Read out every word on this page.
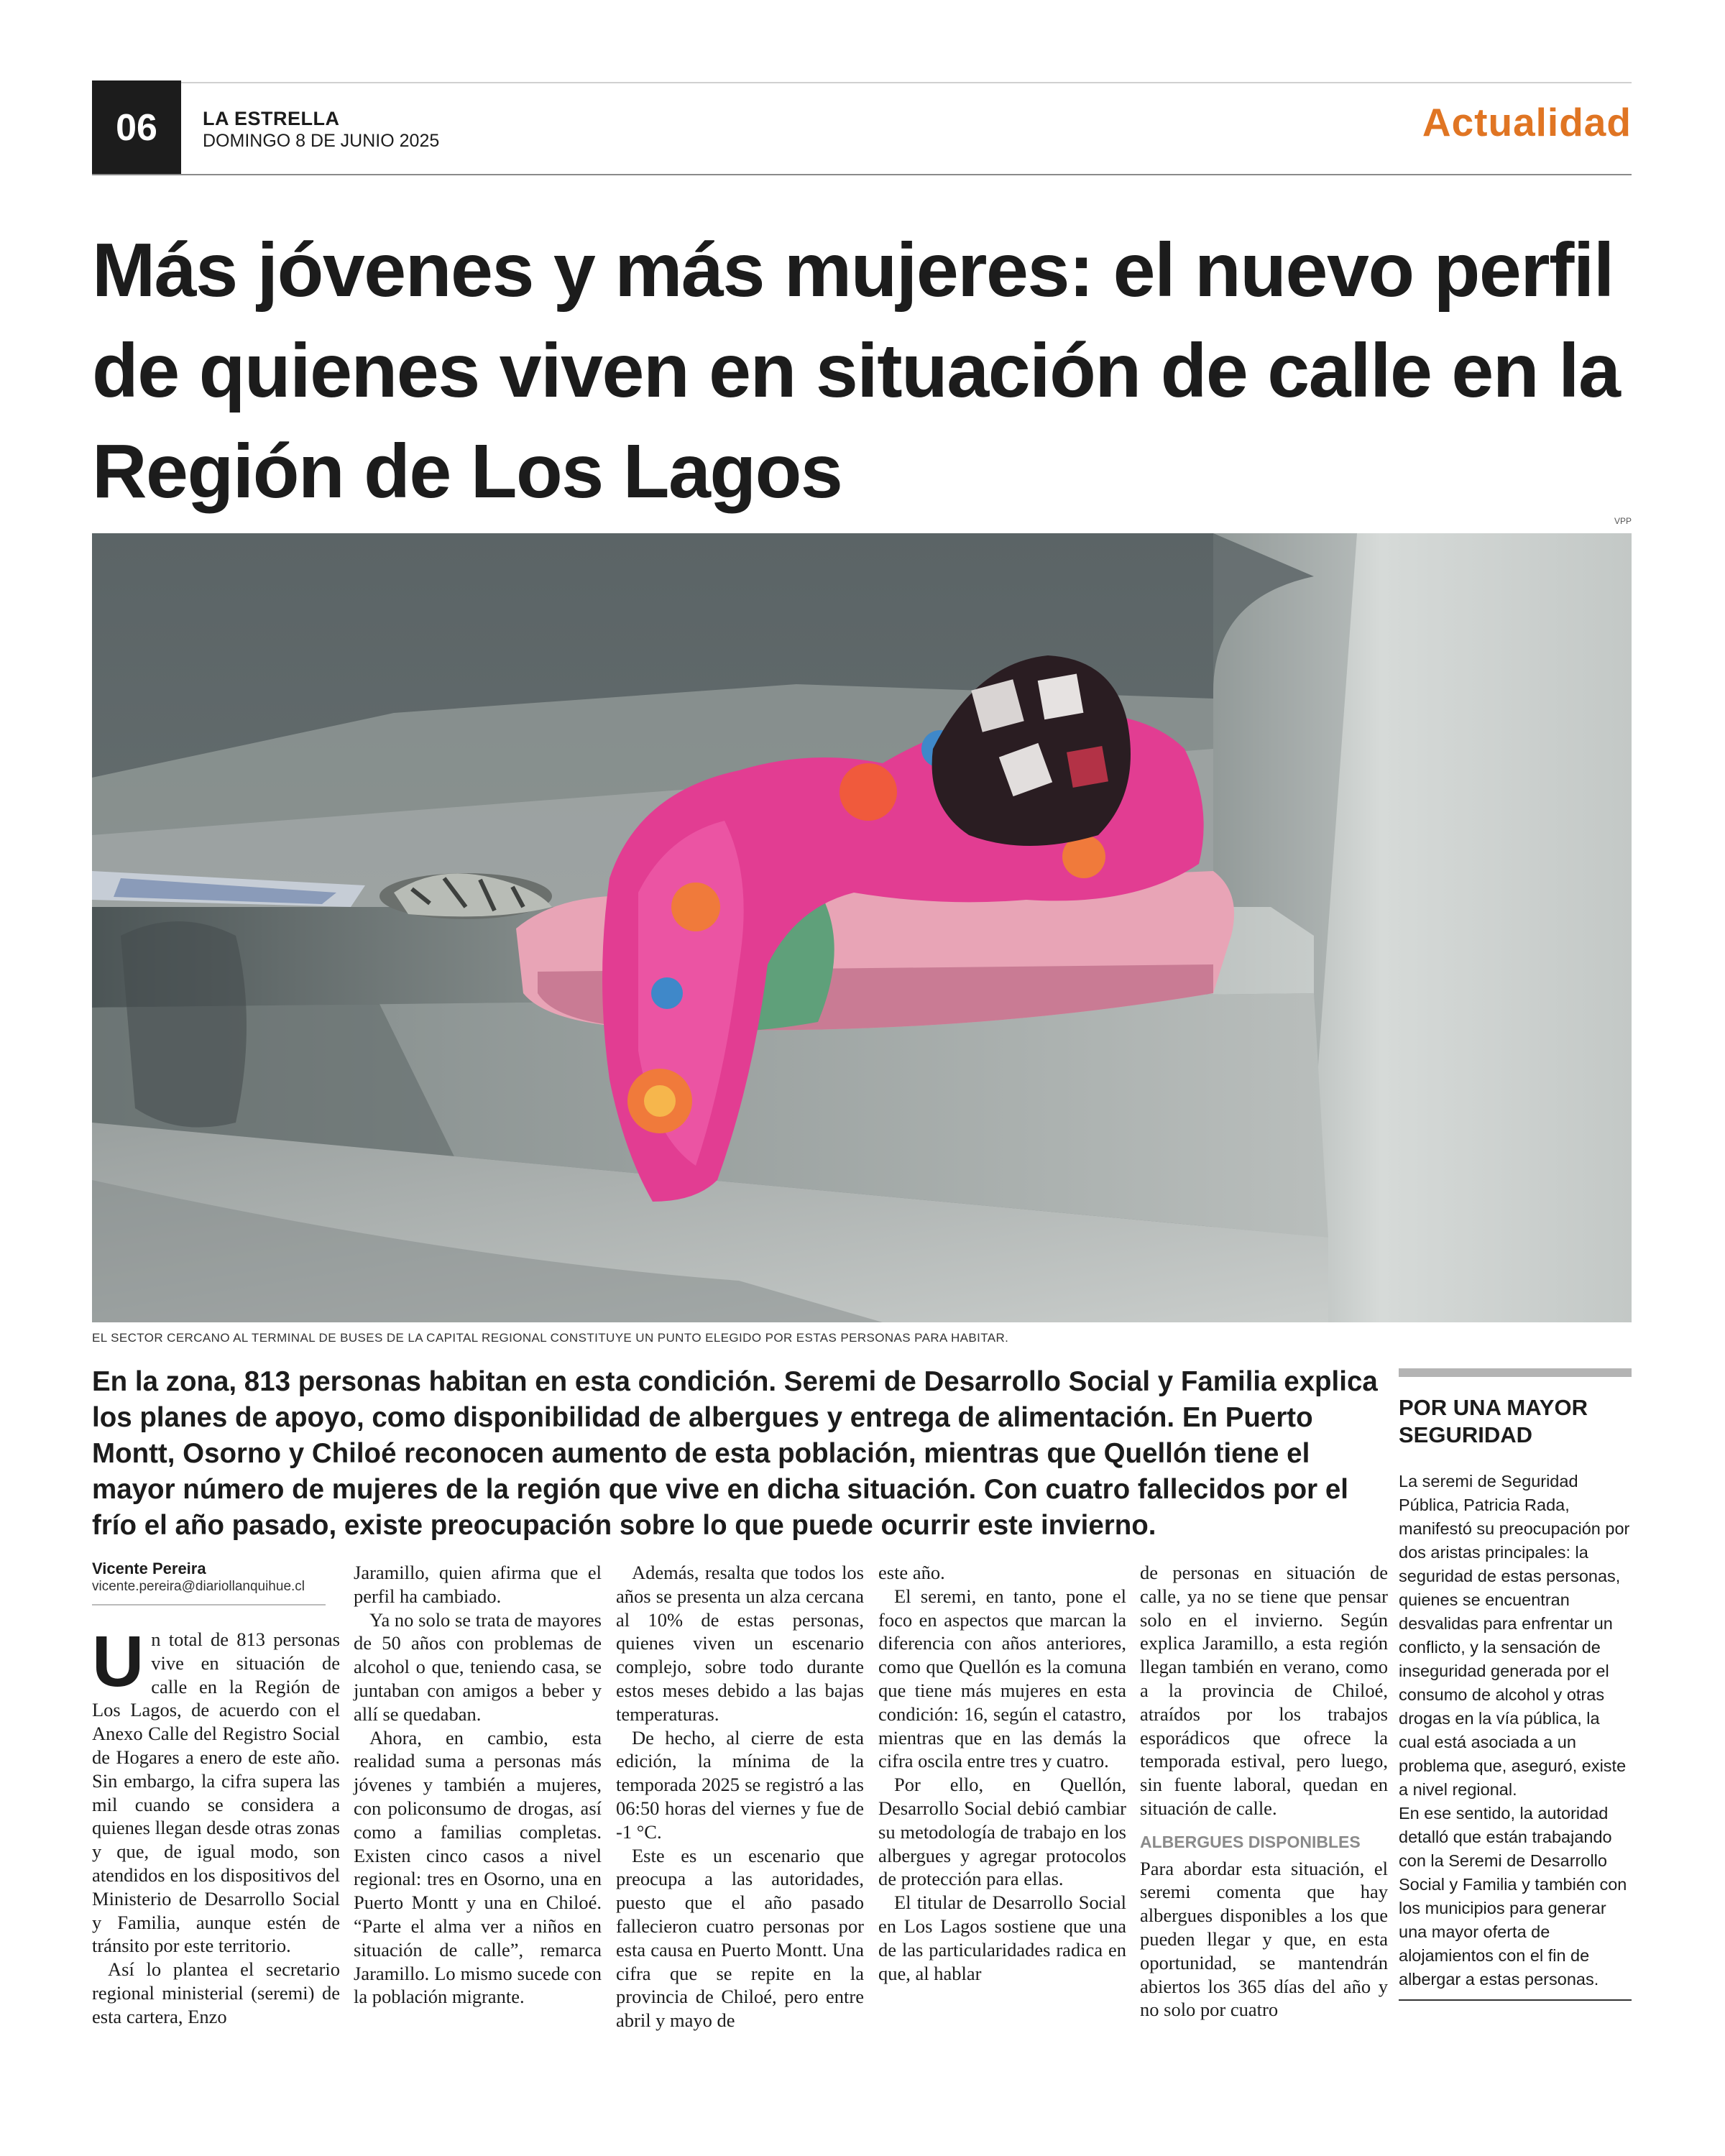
06	LA ESTRELLA
DOMINGO 8 DE JUNIO 2025	Actualidad
Más jóvenes y más mujeres: el nuevo perfil de quienes viven en situación de calle en la Región de Los Lagos
VPP
EL SECTOR CERCANO AL TERMINAL DE BUSES DE LA CAPITAL REGIONAL CONSTITUYE UN PUNTO ELEGIDO POR ESTAS PERSONAS PARA HABITAR.
En la zona, 813 personas habitan en esta condición. Seremi de Desarrollo Social y Familia explica los planes de apoyo, como disponibilidad de albergues y entrega de alimentación. En Puerto Montt, Osorno y Chiloé reconocen aumento de esta población, mientras que Quellón tiene el mayor número de mujeres de la región que vive en dicha situación. Con cuatro fallecidos por el frío el año pasado, existe preocupación sobre lo que puede ocurrir este invierno.
Vicente Pereira
vicente.pereira@diariollanquihue.cl

Un total de 813 personas vive en situación de calle en la Región de Los Lagos, de acuerdo con el Anexo Calle del Registro Social de Hogares a enero de este año. Sin embargo, la cifra supera las mil cuando se considera a quienes llegan desde otras zonas y que, de igual modo, son atendidos en los dispositivos del Ministerio de Desarrollo Social y Familia, aunque estén de tránsito por este territorio.

Así lo plantea el secretario regional ministerial (seremi) de esta cartera, Enzo

Jaramillo, quien afirma que el perfil ha cambiado.

Ya no solo se trata de mayores de 50 años con problemas de alcohol o que, teniendo casa, se juntaban con amigos a beber y allí se quedaban.

Ahora, en cambio, esta realidad suma a personas más jóvenes y también a mujeres, con policonsumo de drogas, así como a familias completas. Existen cinco casos a nivel regional: tres en Osorno, una en Puerto Montt y una en Chiloé. “Parte el alma ver a niños en situación de calle”, remarca Jaramillo. Lo mismo sucede con la población migrante.

Además, resalta que todos los años se presenta un alza cercana al 10% de estas personas, quienes viven un escenario complejo, sobre todo durante estos meses debido a las bajas temperaturas.

De hecho, al cierre de esta edición, la mínima de la temporada 2025 se registró a las 06:50 horas del viernes y fue de -1 °C.

Este es un escenario que preocupa a las autoridades, puesto que el año pasado fallecieron cuatro personas por esta causa en Puerto Montt. Una cifra que se repite en la provincia de Chiloé, pero entre abril y mayo de

este año.

El seremi, en tanto, pone el foco en aspectos que marcan la diferencia con años anteriores, como que Quellón es la comuna que tiene más mujeres en esta condición: 16, según el catastro, mientras que en las demás la cifra oscila entre tres y cuatro.

Por ello, en Quellón, Desarrollo Social debió cambiar su metodología de trabajo en los albergues y agregar protocolos de protección para ellas.

El titular de Desarrollo Social en Los Lagos sostiene que una de las particularidades radica en que, al hablar

de personas en situación de calle, ya no se tiene que pensar solo en el invierno. Según explica Jaramillo, a esta región llegan también en verano, como a la provincia de Chiloé, atraídos por los trabajos esporádicos que ofrece la temporada estival, pero luego, sin fuente laboral, quedan en situación de calle.

ALBERGUES DISPONIBLES

Para abordar esta situación, el seremi comenta que hay albergues disponibles a los que pueden llegar y que, en esta oportunidad, se mantendrán abiertos los 365 días del año y no solo por cuatro

POR UNA MAYOR SEGURIDAD

La seremi de Seguridad Pública, Patricia Rada, manifestó su preocupación por dos aristas principales: la seguridad de estas personas, quienes se encuentran desvalidas para enfrentar un conflicto, y la sensación de inseguridad generada por el consumo de alcohol y otras drogas en la vía pública, la cual está asociada a un problema que, aseguró, existe a nivel regional.

En ese sentido, la autoridad detalló que están trabajando con la Seremi de Desarrollo Social y Familia y también con los municipios para generar una mayor oferta de alojamientos con el fin de albergar a estas personas.
